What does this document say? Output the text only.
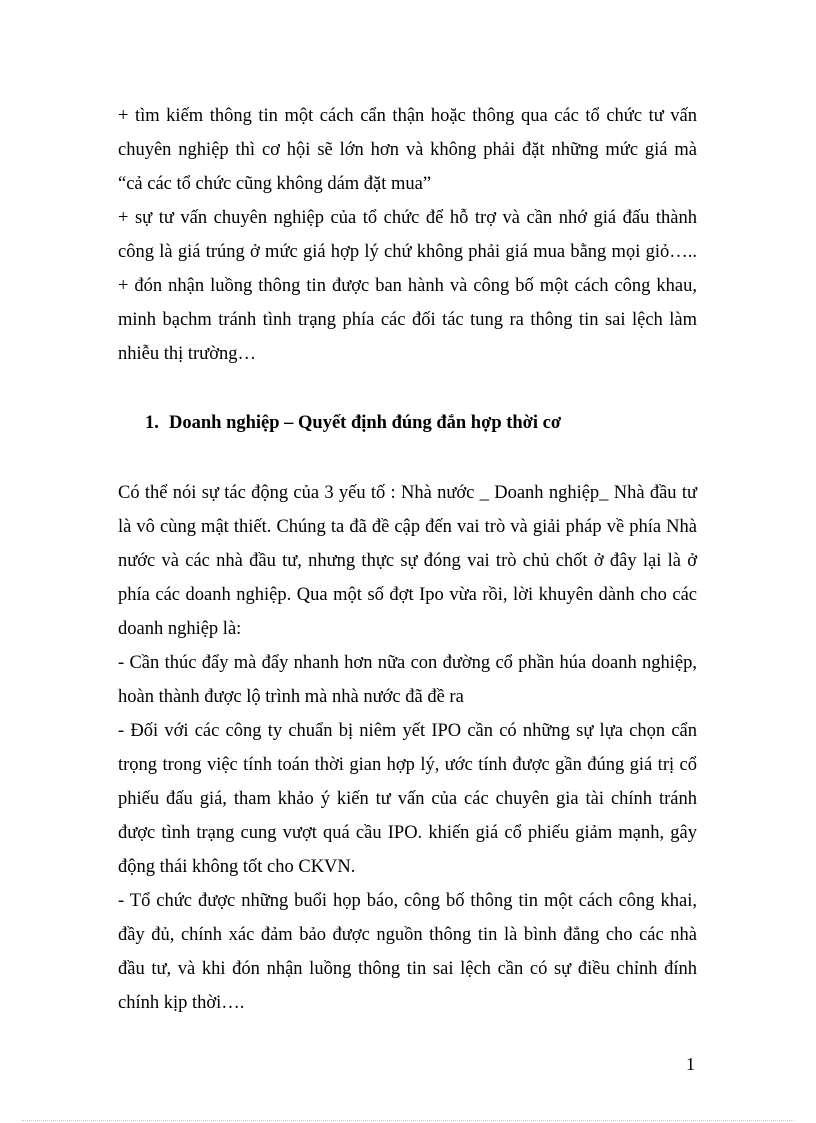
+ tìm kiếm thông tin một cách cẩn thận hoặc thông qua các tổ chức tư vấn
chuyên nghiệp thì cơ hội sẽ lớn hơn và không phải đặt những mức giá mà
“cả các tổ chức cũng không dám đặt mua”
+ sự tư vấn chuyên nghiệp của tổ chức để hỗ trợ và cần nhớ giá đấu thành
công là giá trúng ở mức giá hợp lý chứ không phải giá mua bằng mọi giỏ…..
+ đón nhận luồng thông tin được ban hành và công bố một cách công khau,
minh bạchm tránh tình trạng phía các đối tác tung ra thông tin sai lệch làm
nhiễu thị trường…
1. Doanh nghiệp – Quyết định đúng đắn hợp thời cơ
Có thể nói sự tác động của 3 yếu tố : Nhà nước _ Doanh nghiệp_ Nhà đầu tư
là vô cùng mật thiết. Chúng ta đã đề cập đến vai trò và giải pháp về phía Nhà
nước và các nhà đầu tư, nhưng thực sự đóng vai trò chủ chốt ở đây lại là ở
phía các doanh nghiệp. Qua một số đợt Ipo vừa rồi, lời khuyên dành cho các
doanh nghiệp là:
- Cần thúc đẩy mà đẩy nhanh hơn nữa con đường cổ phần húa doanh nghiệp,
hoàn thành được lộ trình mà nhà nước đã đề ra
- Đối với các công ty chuẩn bị niêm yết IPO cần có những sự lựa chọn cẩn
trọng trong việc tính toán thời gian hợp lý, ước tính được gần đúng giá trị cổ
phiếu đấu giá, tham khảo ý kiến tư vấn của các chuyên gia tài chính tránh
được tình trạng cung vượt quá cầu IPO. khiến giá cổ phiếu giảm mạnh, gây
động thái không tốt cho CKVN.
- Tổ chức được những buổi họp báo, công bố thông tin một cách công khai,
đầy đủ, chính xác đảm bảo được nguồn thông tin là bình đẳng cho các nhà
đầu tư, và khi đón nhận luồng thông tin sai lệch cần có sự điều chỉnh đính
chính kịp thời….
1
